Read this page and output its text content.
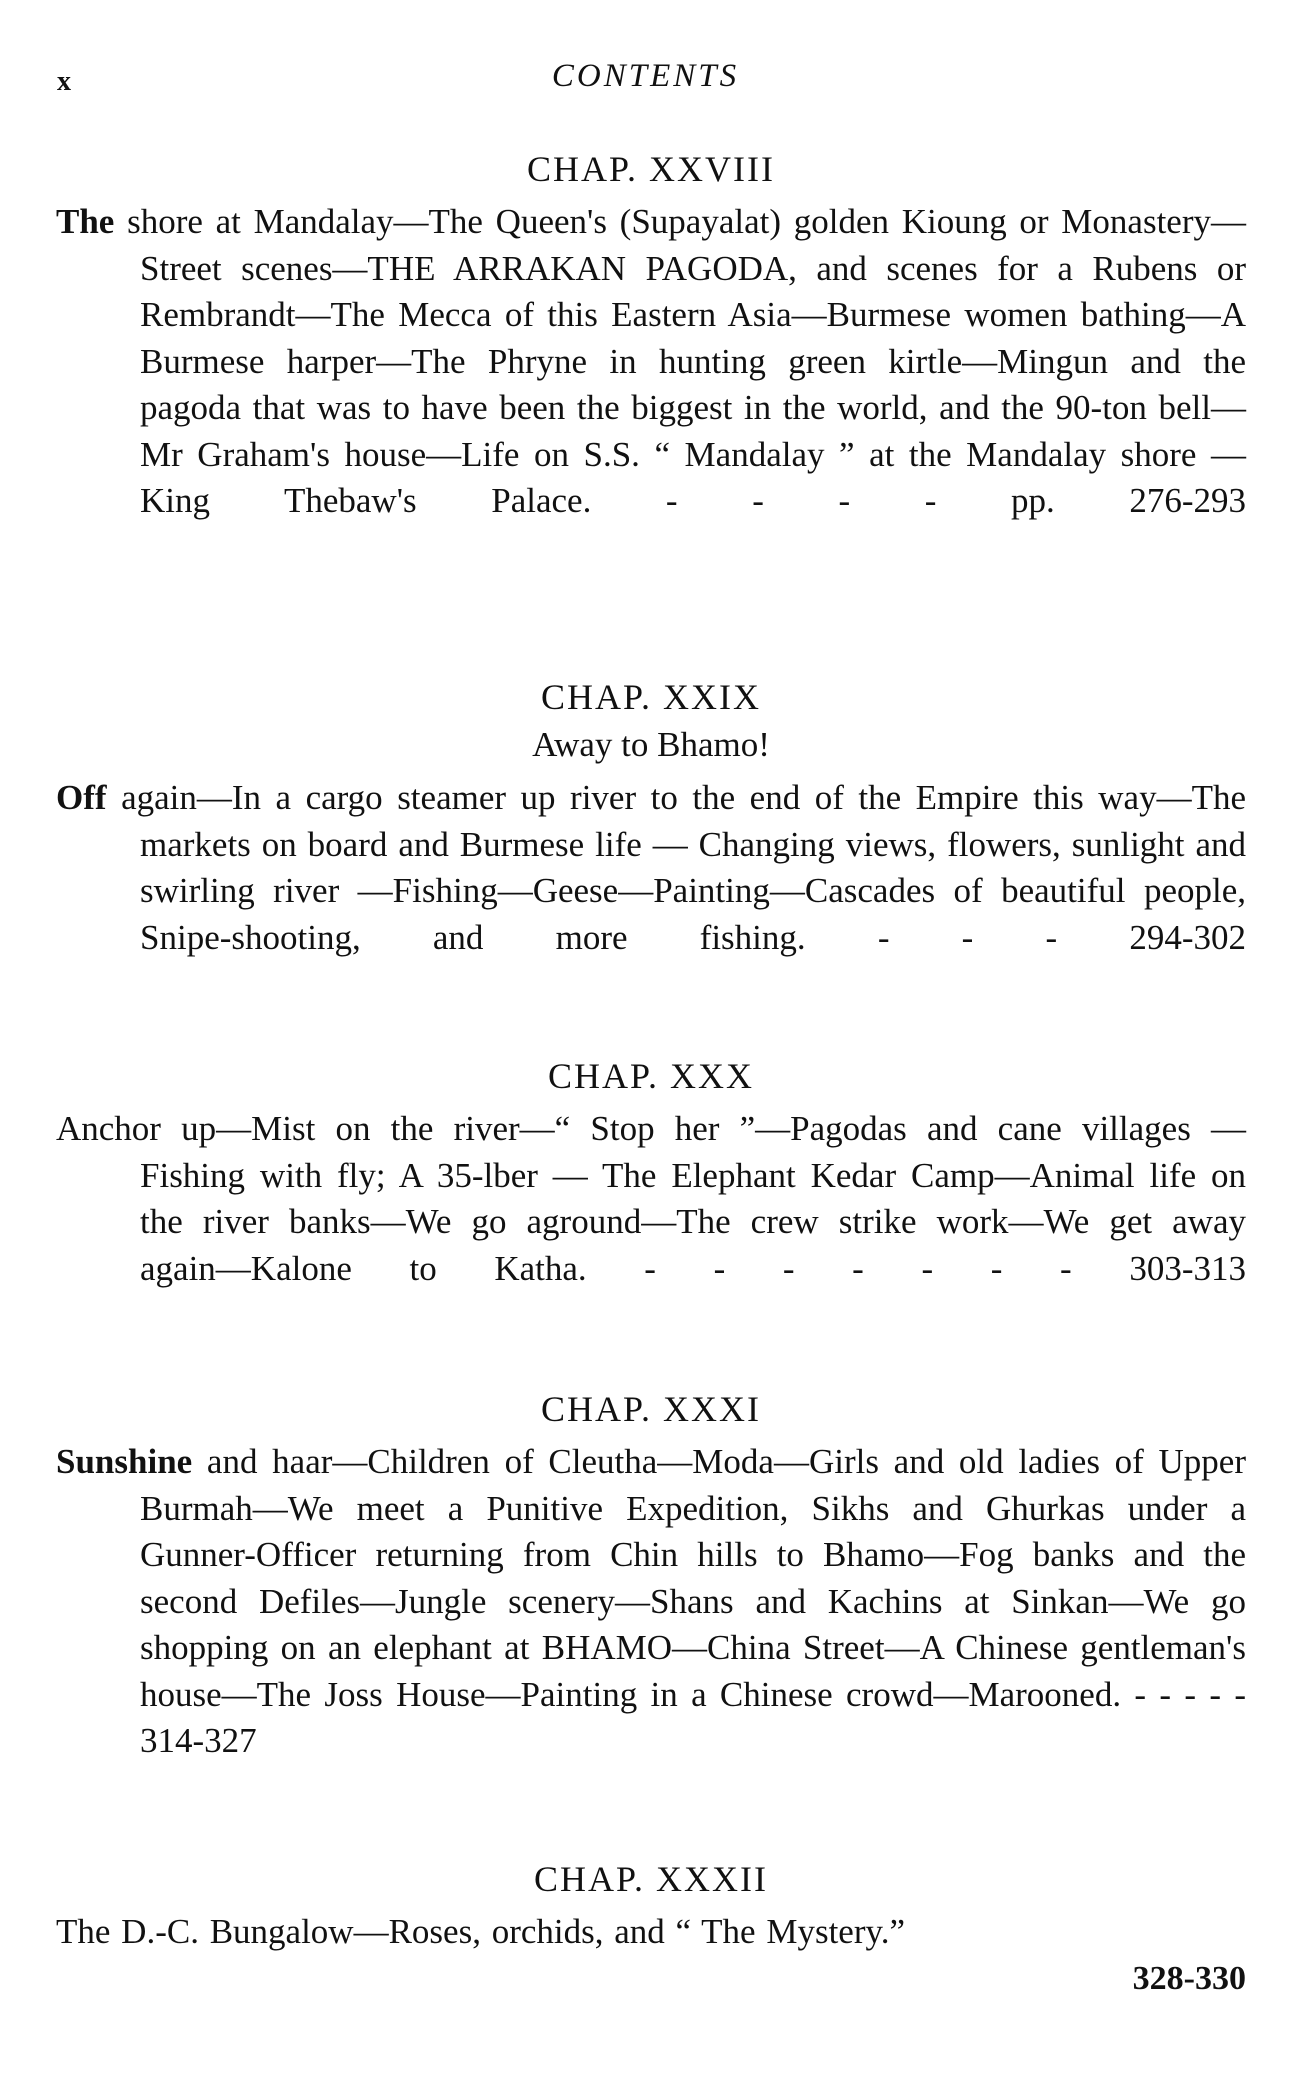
x	CONTENTS

CHAP. XXVIII

The shore at Mandalay—The Queen's (Supayalat) golden Kioung or Monastery—Street scenes—THE ARRAKAN PAGODA, and scenes for a Rubens or Rembrandt—The Mecca of this Eastern Asia—Burmese women bathing—A Burmese harper—The Phryne in hunting green kirtle—Mingun and the pagoda that was to have been the biggest in the world, and the 90-ton bell—Mr Graham's house—Life on S.S. “ Mandalay ” at the Mandalay shore —King Thebaw's Palace. - - - - pp. 276-293

CHAP. XXIX

Away to Bhamo!

Off again—In a cargo steamer up river to the end of the Empire this way—The markets on board and Burmese life — Changing views, flowers, sunlight and swirling river —Fishing—Geese—Painting—Cascades of beautiful people, Snipe-shooting, and more fishing. - - - 294-302

CHAP. XXX

Anchor up—Mist on the river—“ Stop her ”—Pagodas and cane villages — Fishing with fly; A 35-lber — The Elephant Kedar Camp—Animal life on the river banks—We go aground—The crew strike work—We get away again—Kalone to Katha. - - - - - - - 303-313

CHAP. XXXI

Sunshine and haar—Children of Cleutha—Moda—Girls and old ladies of Upper Burmah—We meet a Punitive Expedition, Sikhs and Ghurkas under a Gunner-Officer returning from Chin hills to Bhamo—Fog banks and the second Defiles—Jungle scenery—Shans and Kachins at Sinkan—We go shopping on an elephant at BHAMO—China Street—A Chinese gentleman's house—The Joss House—Painting in a Chinese crowd—Marooned. - - - - - 314-327

CHAP. XXXII

The D.-C. Bungalow—Roses, orchids, and “ The Mystery.”

328-330
